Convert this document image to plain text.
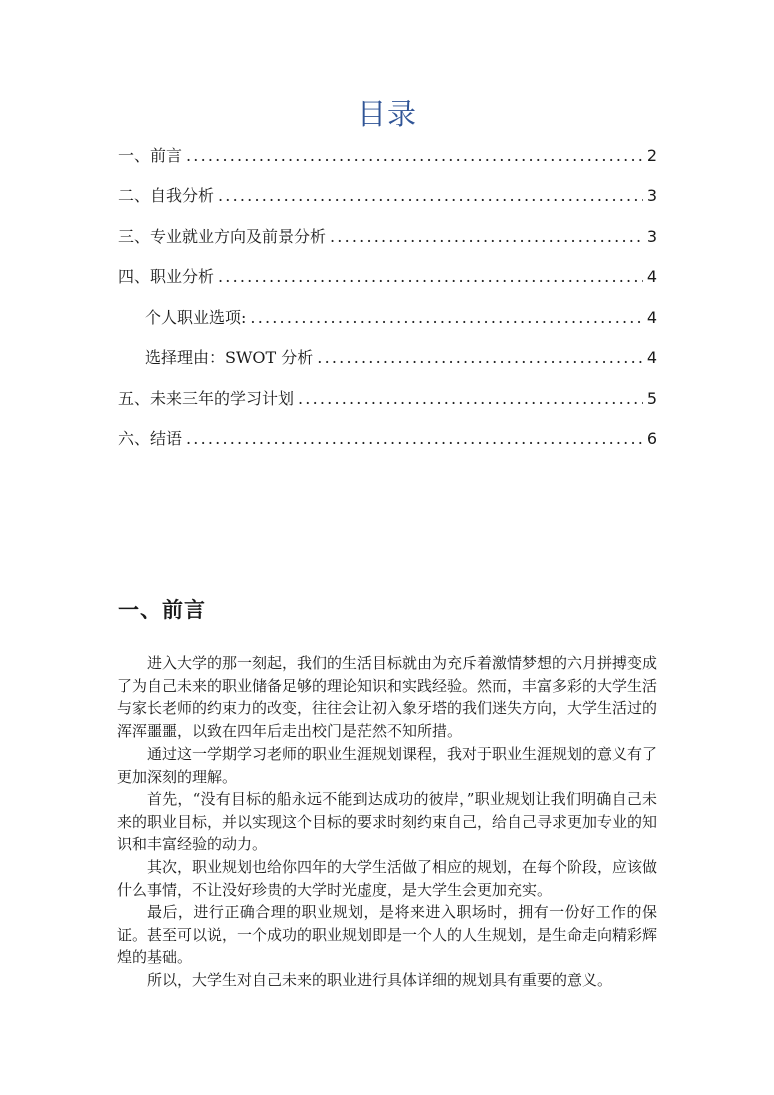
目录
一、前言 .....	2
二、自我分析 .....	3
三、专业就业方向及前景分析 .....	3
四、职业分析 .....	4
个人职业选项: .....	4
选择理由：SWOT 分析 .....	4
五、未来三年的学习计划 .....	5
六、结语 .....	6
一、前言

进入大学的那一刻起，我们的生活目标就由为充斥着激情梦想的六月拼搏变成了为自己未来的职业储备足够的理论知识和实践经验。然而，丰富多彩的大学生活与家长老师的约束力的改变，往往会让初入象牙塔的我们迷失方向，大学生活过的浑浑噩噩，以致在四年后走出校门是茫然不知所措。

通过这一学期学习老师的职业生涯规划课程，我对于职业生涯规划的意义有了更加深刻的理解。

首先，“没有目标的船永远不能到达成功的彼岸，”职业规划让我们明确自己未来的职业目标，并以实现这个目标的要求时刻约束自己，给自己寻求更加专业的知识和丰富经验的动力。

其次，职业规划也给你四年的大学生活做了相应的规划，在每个阶段，应该做什么事情，不让没好珍贵的大学时光虚度，是大学生会更加充实。

最后，进行正确合理的职业规划，是将来进入职场时，拥有一份好工作的保证。甚至可以说，一个成功的职业规划即是一个人的人生规划，是生命走向精彩辉煌的基础。

所以，大学生对自己未来的职业进行具体详细的规划具有重要的意义。
